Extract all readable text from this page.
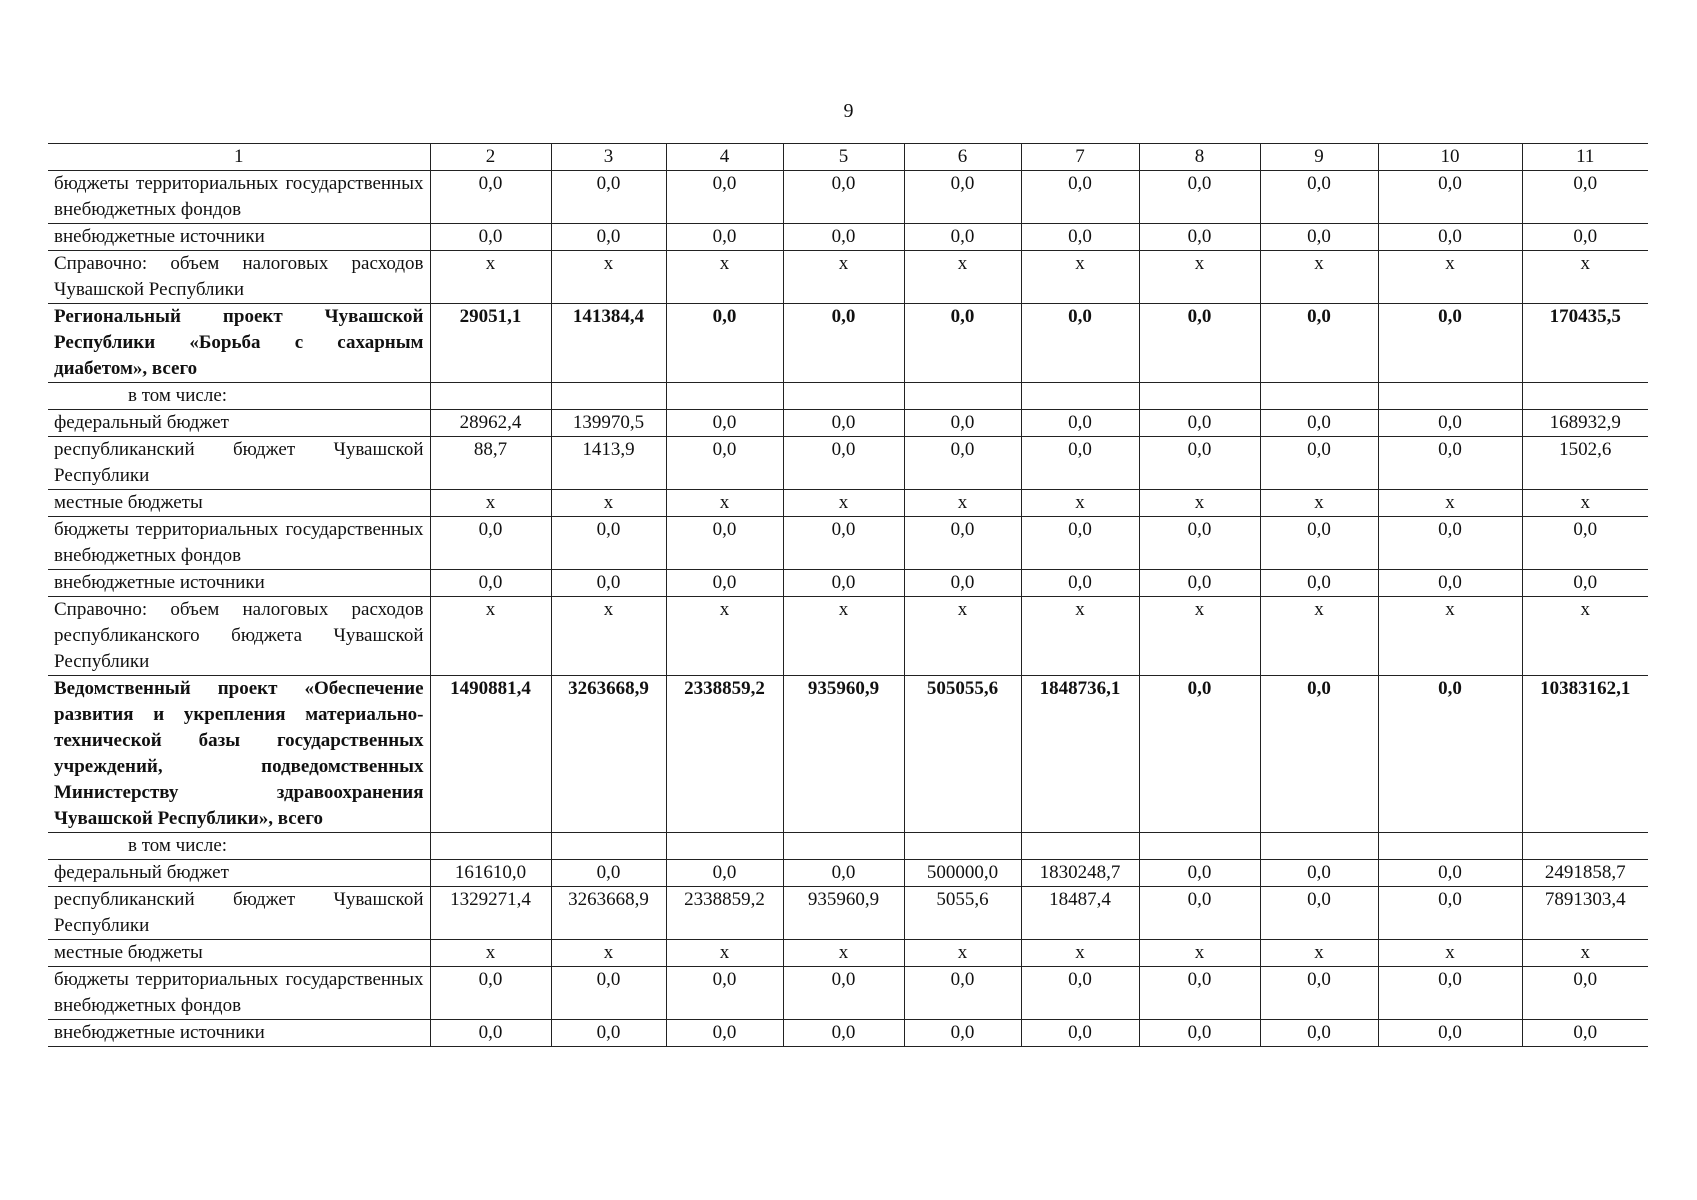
9
1	2	3	4	5	6	7	8	9	10	11
бюджеты территориальных государственных внебюджетных фондов	0,0	0,0	0,0	0,0	0,0	0,0	0,0	0,0	0,0	0,0
внебюджетные источники	0,0	0,0	0,0	0,0	0,0	0,0	0,0	0,0	0,0	0,0
Справочно: объем налоговых расходов Чувашской Республики	x	x	x	x	x	x	x	x	x	x
Региональный проект Чувашской Республики «Борьба с сахарным диабетом», всего	29051,1	141384,4	0,0	0,0	0,0	0,0	0,0	0,0	0,0	170435,5
в том числе:										
федеральный бюджет	28962,4	139970,5	0,0	0,0	0,0	0,0	0,0	0,0	0,0	168932,9
республиканский бюджет Чувашской Республики	88,7	1413,9	0,0	0,0	0,0	0,0	0,0	0,0	0,0	1502,6
местные бюджеты	x	x	x	x	x	x	x	x	x	x
бюджеты территориальных государственных внебюджетных фондов	0,0	0,0	0,0	0,0	0,0	0,0	0,0	0,0	0,0	0,0
внебюджетные источники	0,0	0,0	0,0	0,0	0,0	0,0	0,0	0,0	0,0	0,0
Справочно: объем налоговых расходов республиканского бюджета Чувашской Республики	x	x	x	x	x	x	x	x	x	x
Ведомственный проект «Обеспечение развития и укрепления материально-технической базы государственных учреждений, подведомственных Министерству здравоохранения Чувашской Республики», всего	1490881,4	3263668,9	2338859,2	935960,9	505055,6	1848736,1	0,0	0,0	0,0	10383162,1
в том числе:										
федеральный бюджет	161610,0	0,0	0,0	0,0	500000,0	1830248,7	0,0	0,0	0,0	2491858,7
республиканский бюджет Чувашской Республики	1329271,4	3263668,9	2338859,2	935960,9	5055,6	18487,4	0,0	0,0	0,0	7891303,4
местные бюджеты	x	x	x	x	x	x	x	x	x	x
бюджеты территориальных государственных внебюджетных фондов	0,0	0,0	0,0	0,0	0,0	0,0	0,0	0,0	0,0	0,0
внебюджетные источники	0,0	0,0	0,0	0,0	0,0	0,0	0,0	0,0	0,0	0,0
